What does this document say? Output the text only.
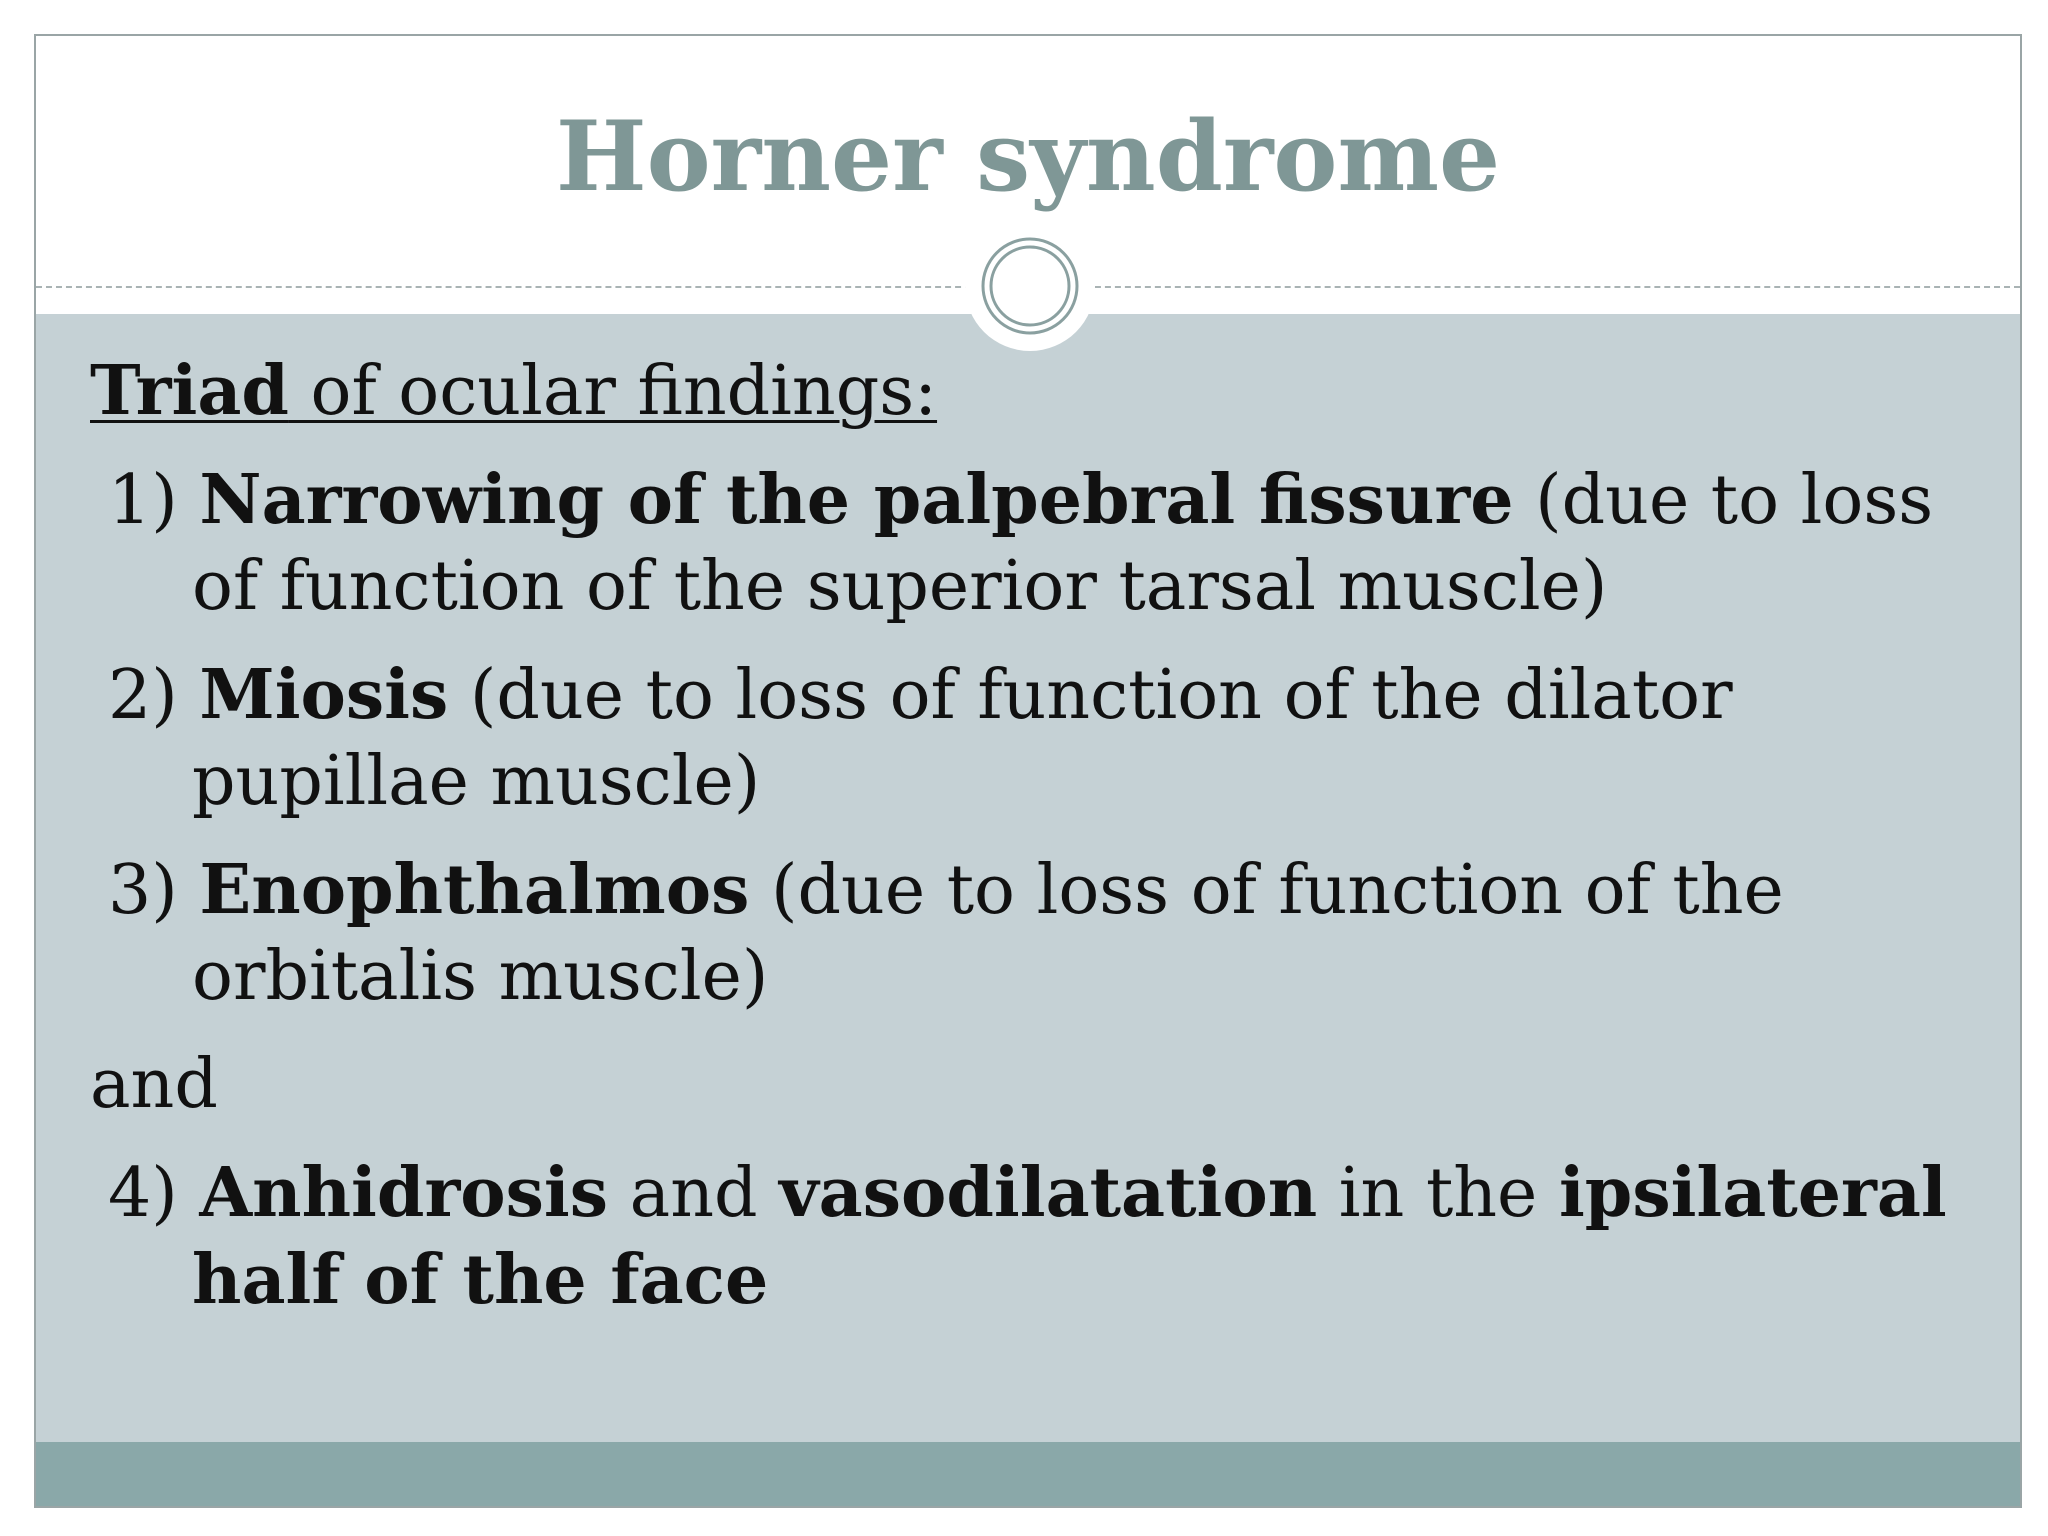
Horner syndrome
Triad of ocular findings:
1) Narrowing of the palpebral fissure (due to loss of function of the superior tarsal muscle)
2) Miosis (due to loss of function of the dilator pupillae muscle)
3) Enophthalmos (due to loss of function of the orbitalis muscle)
and
4) Anhidrosis and vasodilatation in the ipsilateral half of the face
